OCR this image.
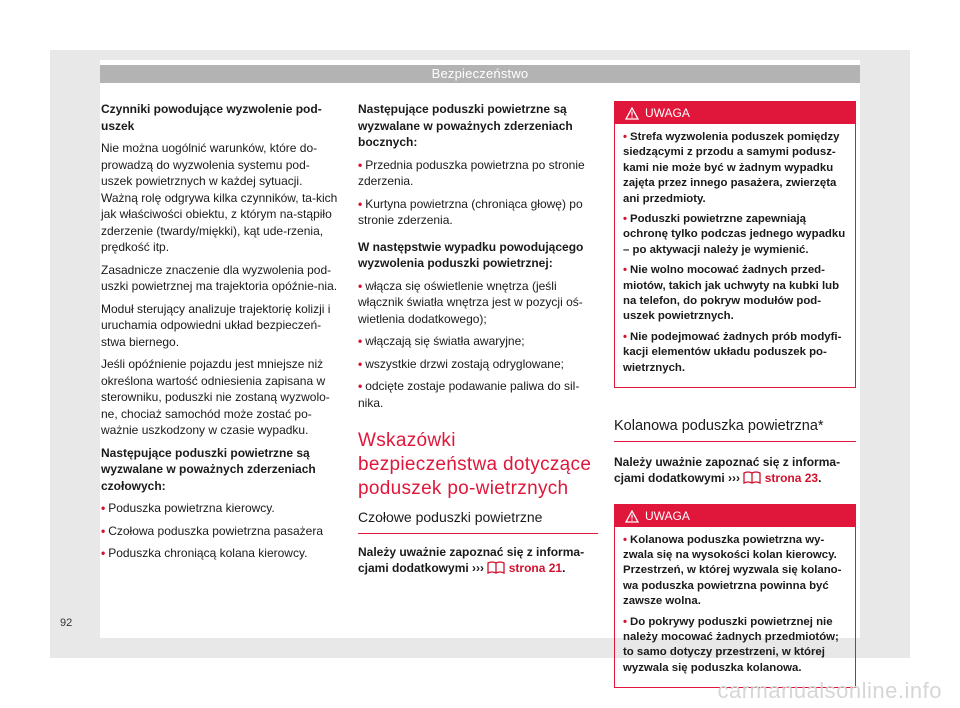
Bezpieczeństwo

Czynniki powodujące wyzwolenie pod-uszek

Nie można uogólnić warunków, które do-prowadzą do wyzwolenia systemu pod-uszek powietrznych w każdej sytuacji. Ważną rolę odgrywa kilka czynników, ta-kich jak właściwości obiektu, z którym na-stąpiło zderzenie (twardy/miękki), kąt ude-rzenia, prędkość itp.

Zasadnicze znaczenie dla wyzwolenia pod-uszki powietrznej ma trajektoria opóźnie-nia.

Moduł sterujący analizuje trajektorię kolizji i uruchamia odpowiedni układ bezpieczeń-stwa biernego.

Jeśli opóźnienie pojazdu jest mniejsze niż określona wartość odniesienia zapisana w sterowniku, poduszki nie zostaną wyzwolo-ne, chociaż samochód może zostać po-ważnie uszkodzony w czasie wypadku.

Następujące poduszki powietrzne są wyzwalane w poważnych zderzeniach czołowych:

• Poduszka powietrzna kierowcy.

• Czołowa poduszka powietrzna pasażera

• Poduszka chroniącą kolana kierowcy.

Następujące poduszki powietrzne są wyzwalane w poważnych zderzeniach bocznych:

• Przednia poduszka powietrzna po stronie zderzenia.

• Kurtyna powietrzna (chroniąca głowę) po stronie zderzenia.

W następstwie wypadku powodującego wyzwolenia poduszki powietrznej:

• włącza się oświetlenie wnętrza (jeśli włącznik światła wnętrza jest w pozycji oś-wietlenia dodatkowego);

• włączają się światła awaryjne;

• wszystkie drzwi zostają odryglowane;

• odcięte zostaje podawanie paliwa do sil-nika.

Wskazówki bezpieczeństwa dotyczące poduszek po-wietrznych
Czołowe poduszki powietrzne

Należy uważnie zapoznać się z informa-cjami dodatkowymi ››› strona 21.

UWAGA

• Strefa wyzwolenia poduszek pomiędzy siedzącymi z przodu a samymi podusz-kami nie może być w żadnym wypadku zajęta przez innego pasażera, zwierzęta ani przedmioty.

• Poduszki powietrzne zapewniają ochronę tylko podczas jednego wypadku – po aktywacji należy je wymienić.

• Nie wolno mocować żadnych przed-miotów, takich jak uchwyty na kubki lub na telefon, do pokryw modułów pod-uszek powietrznych.

• Nie podejmować żadnych prób modyfi-kacji elementów układu poduszek po-wietrznych.

Kolanowa poduszka powietrzna*

Należy uważnie zapoznać się z informa-cjami dodatkowymi ››› strona 23.

UWAGA

• Kolanowa poduszka powietrzna wy-zwala się na wysokości kolan kierowcy. Przestrzeń, w której wyzwala się kolano-wa poduszka powietrzna powinna być zawsze wolna.

• Do pokrywy poduszki powietrznej nie należy mocować żadnych przedmiotów; to samo dotyczy przestrzeni, w której wyzwala się poduszka kolanowa.

92
carmanualsonline.info
